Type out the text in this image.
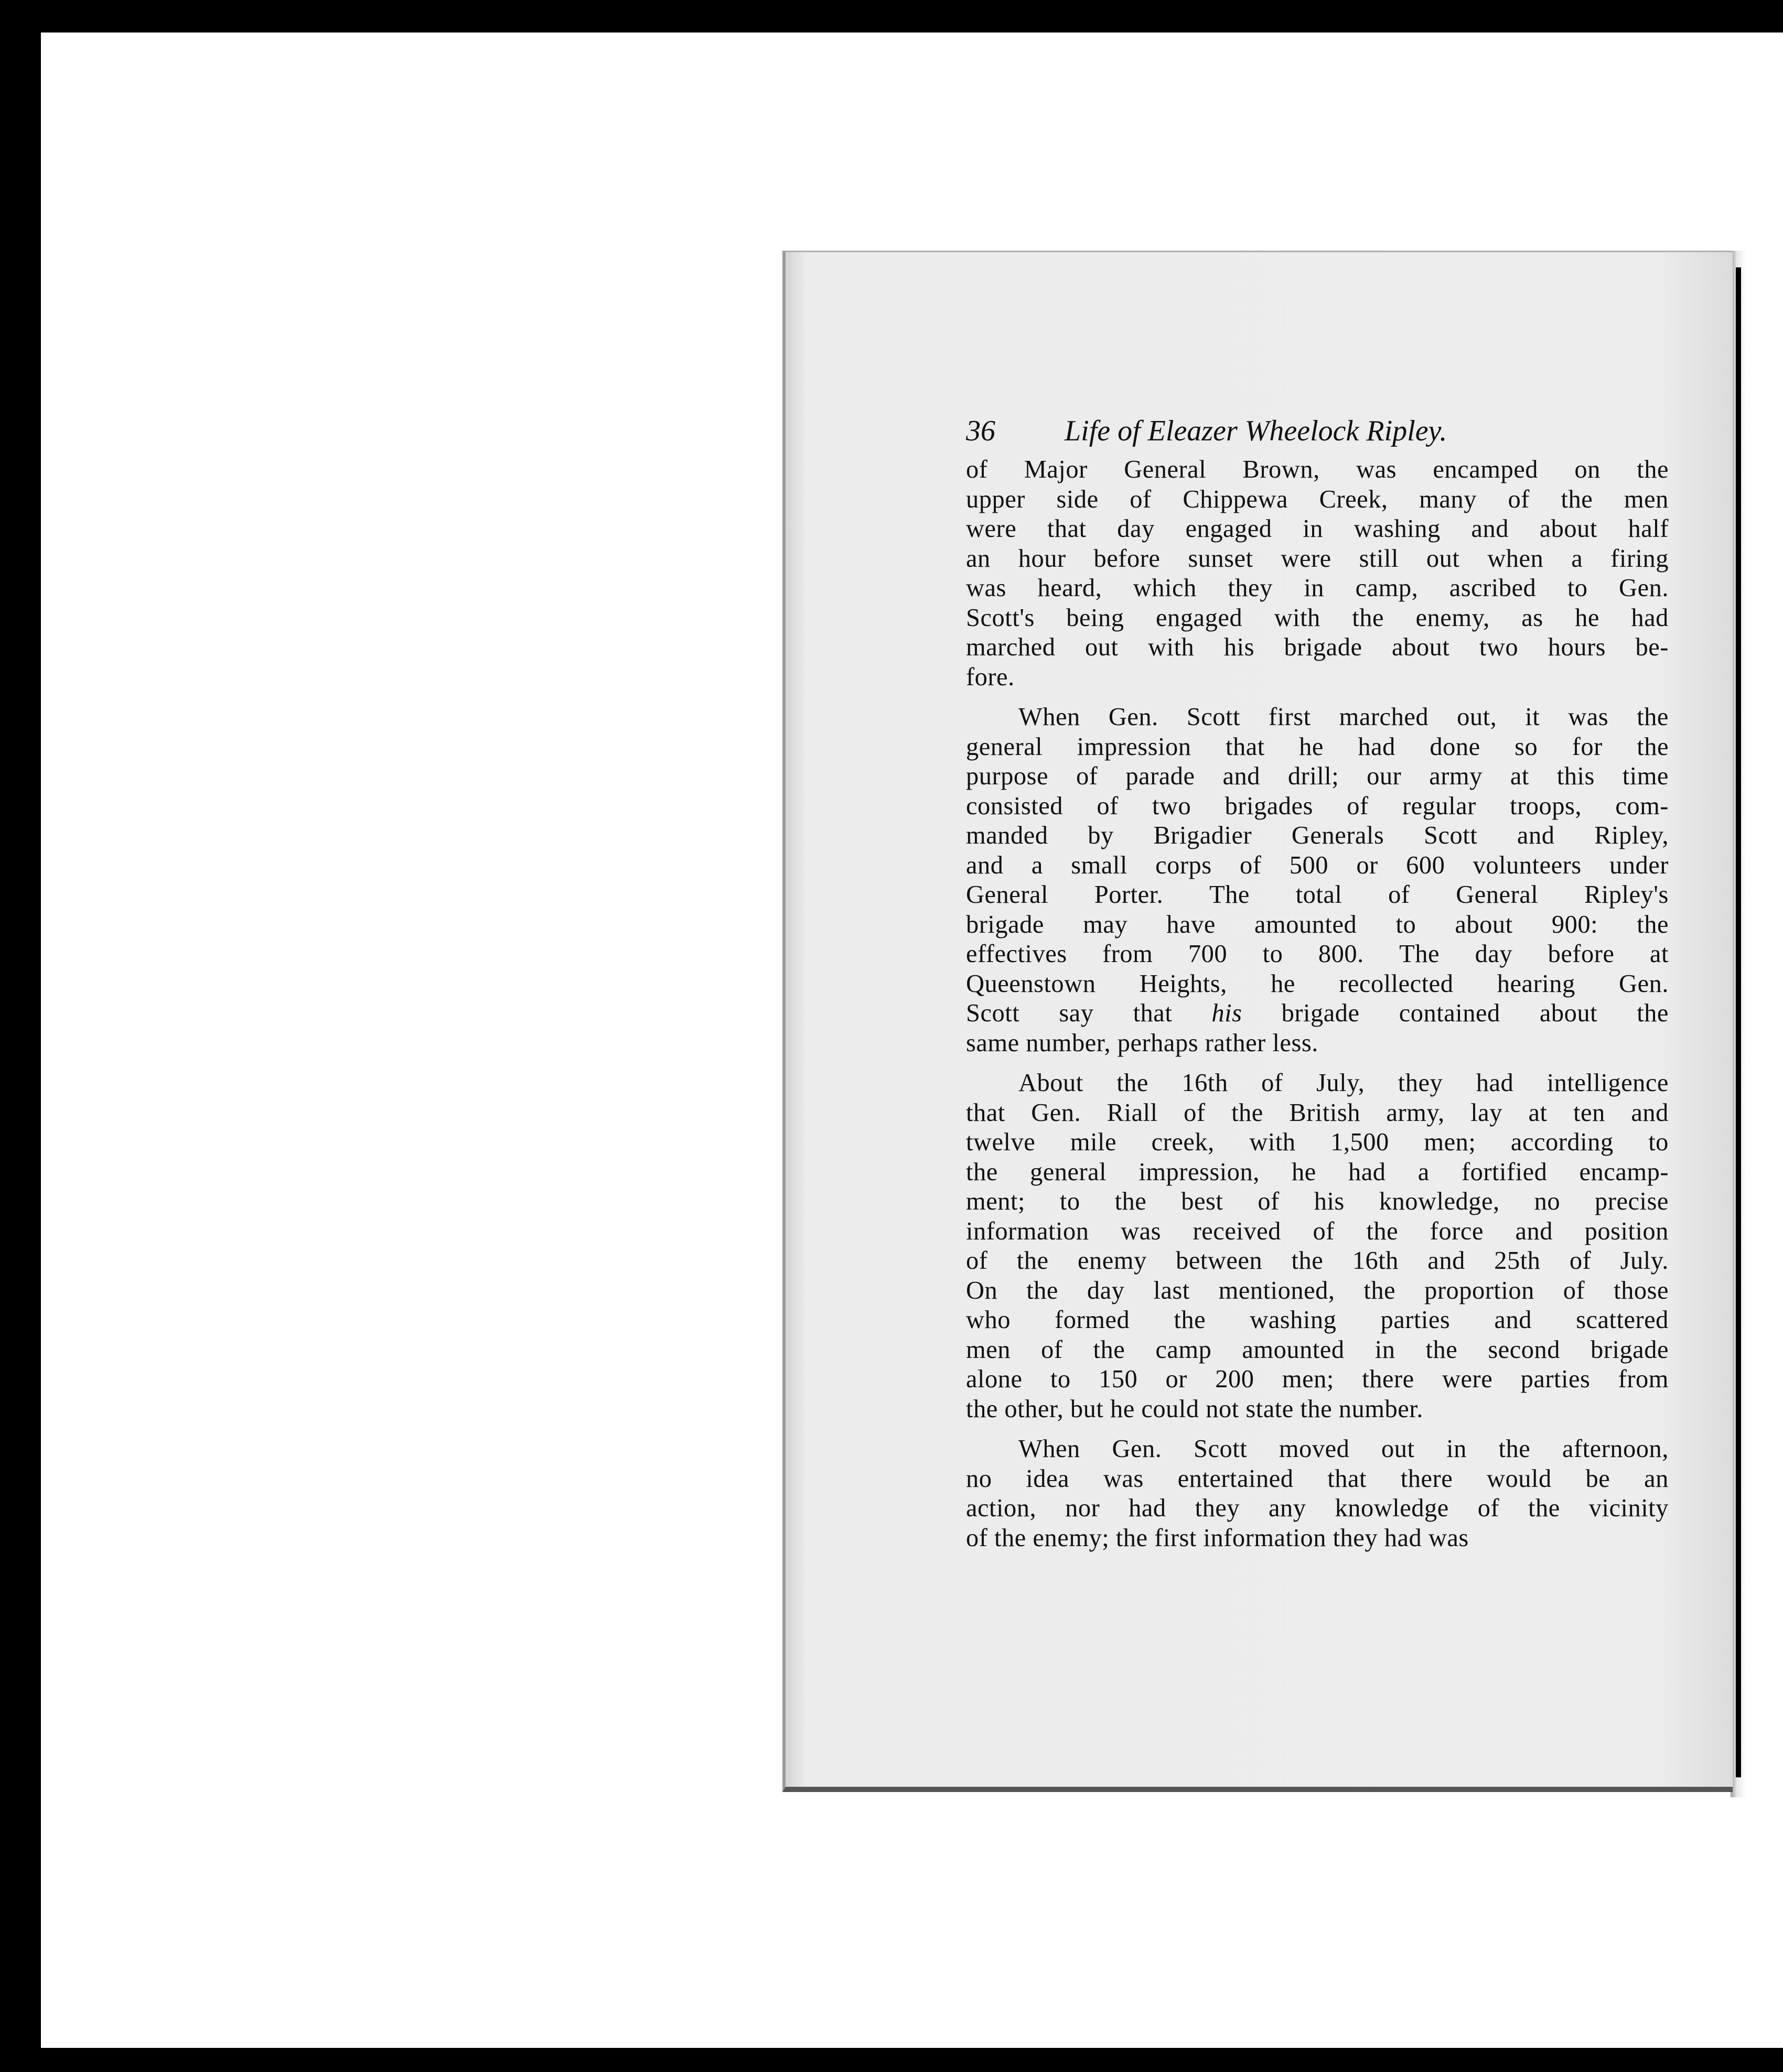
36	Life of Eleazer Wheelock Ripley.
of Major General Brown, was encamped on the
upper side of Chippewa Creek, many of the men
were that day engaged in washing and about half
an hour before sunset were still out when a firing
was heard, which they in camp, ascribed to Gen.
Scott's being engaged with the enemy, as he had
marched out with his brigade about two hours be-
fore.
When Gen. Scott first marched out, it was the
general impression that he had done so for the
purpose of parade and drill; our army at this time
consisted of two brigades of regular troops, com-
manded by Brigadier Generals Scott and Ripley,
and a small corps of 500 or 600 volunteers under
General Porter. The total of General Ripley's
brigade may have amounted to about 900: the
effectives from 700 to 800. The day before at
Queenstown Heights, he recollected hearing Gen.
Scott say that his brigade contained about the
same number, perhaps rather less.
About the 16th of July, they had intelligence
that Gen. Riall of the British army, lay at ten and
twelve mile creek, with 1,500 men; according to
the general impression, he had a fortified encamp-
ment; to the best of his knowledge, no precise
information was received of the force and position
of the enemy between the 16th and 25th of July.
On the day last mentioned, the proportion of those
who formed the washing parties and scattered
men of the camp amounted in the second brigade
alone to 150 or 200 men; there were parties from
the other, but he could not state the number.
When Gen. Scott moved out in the afternoon,
no idea was entertained that there would be an
action, nor had they any knowledge of the vicinity
of the enemy; the first information they had was
